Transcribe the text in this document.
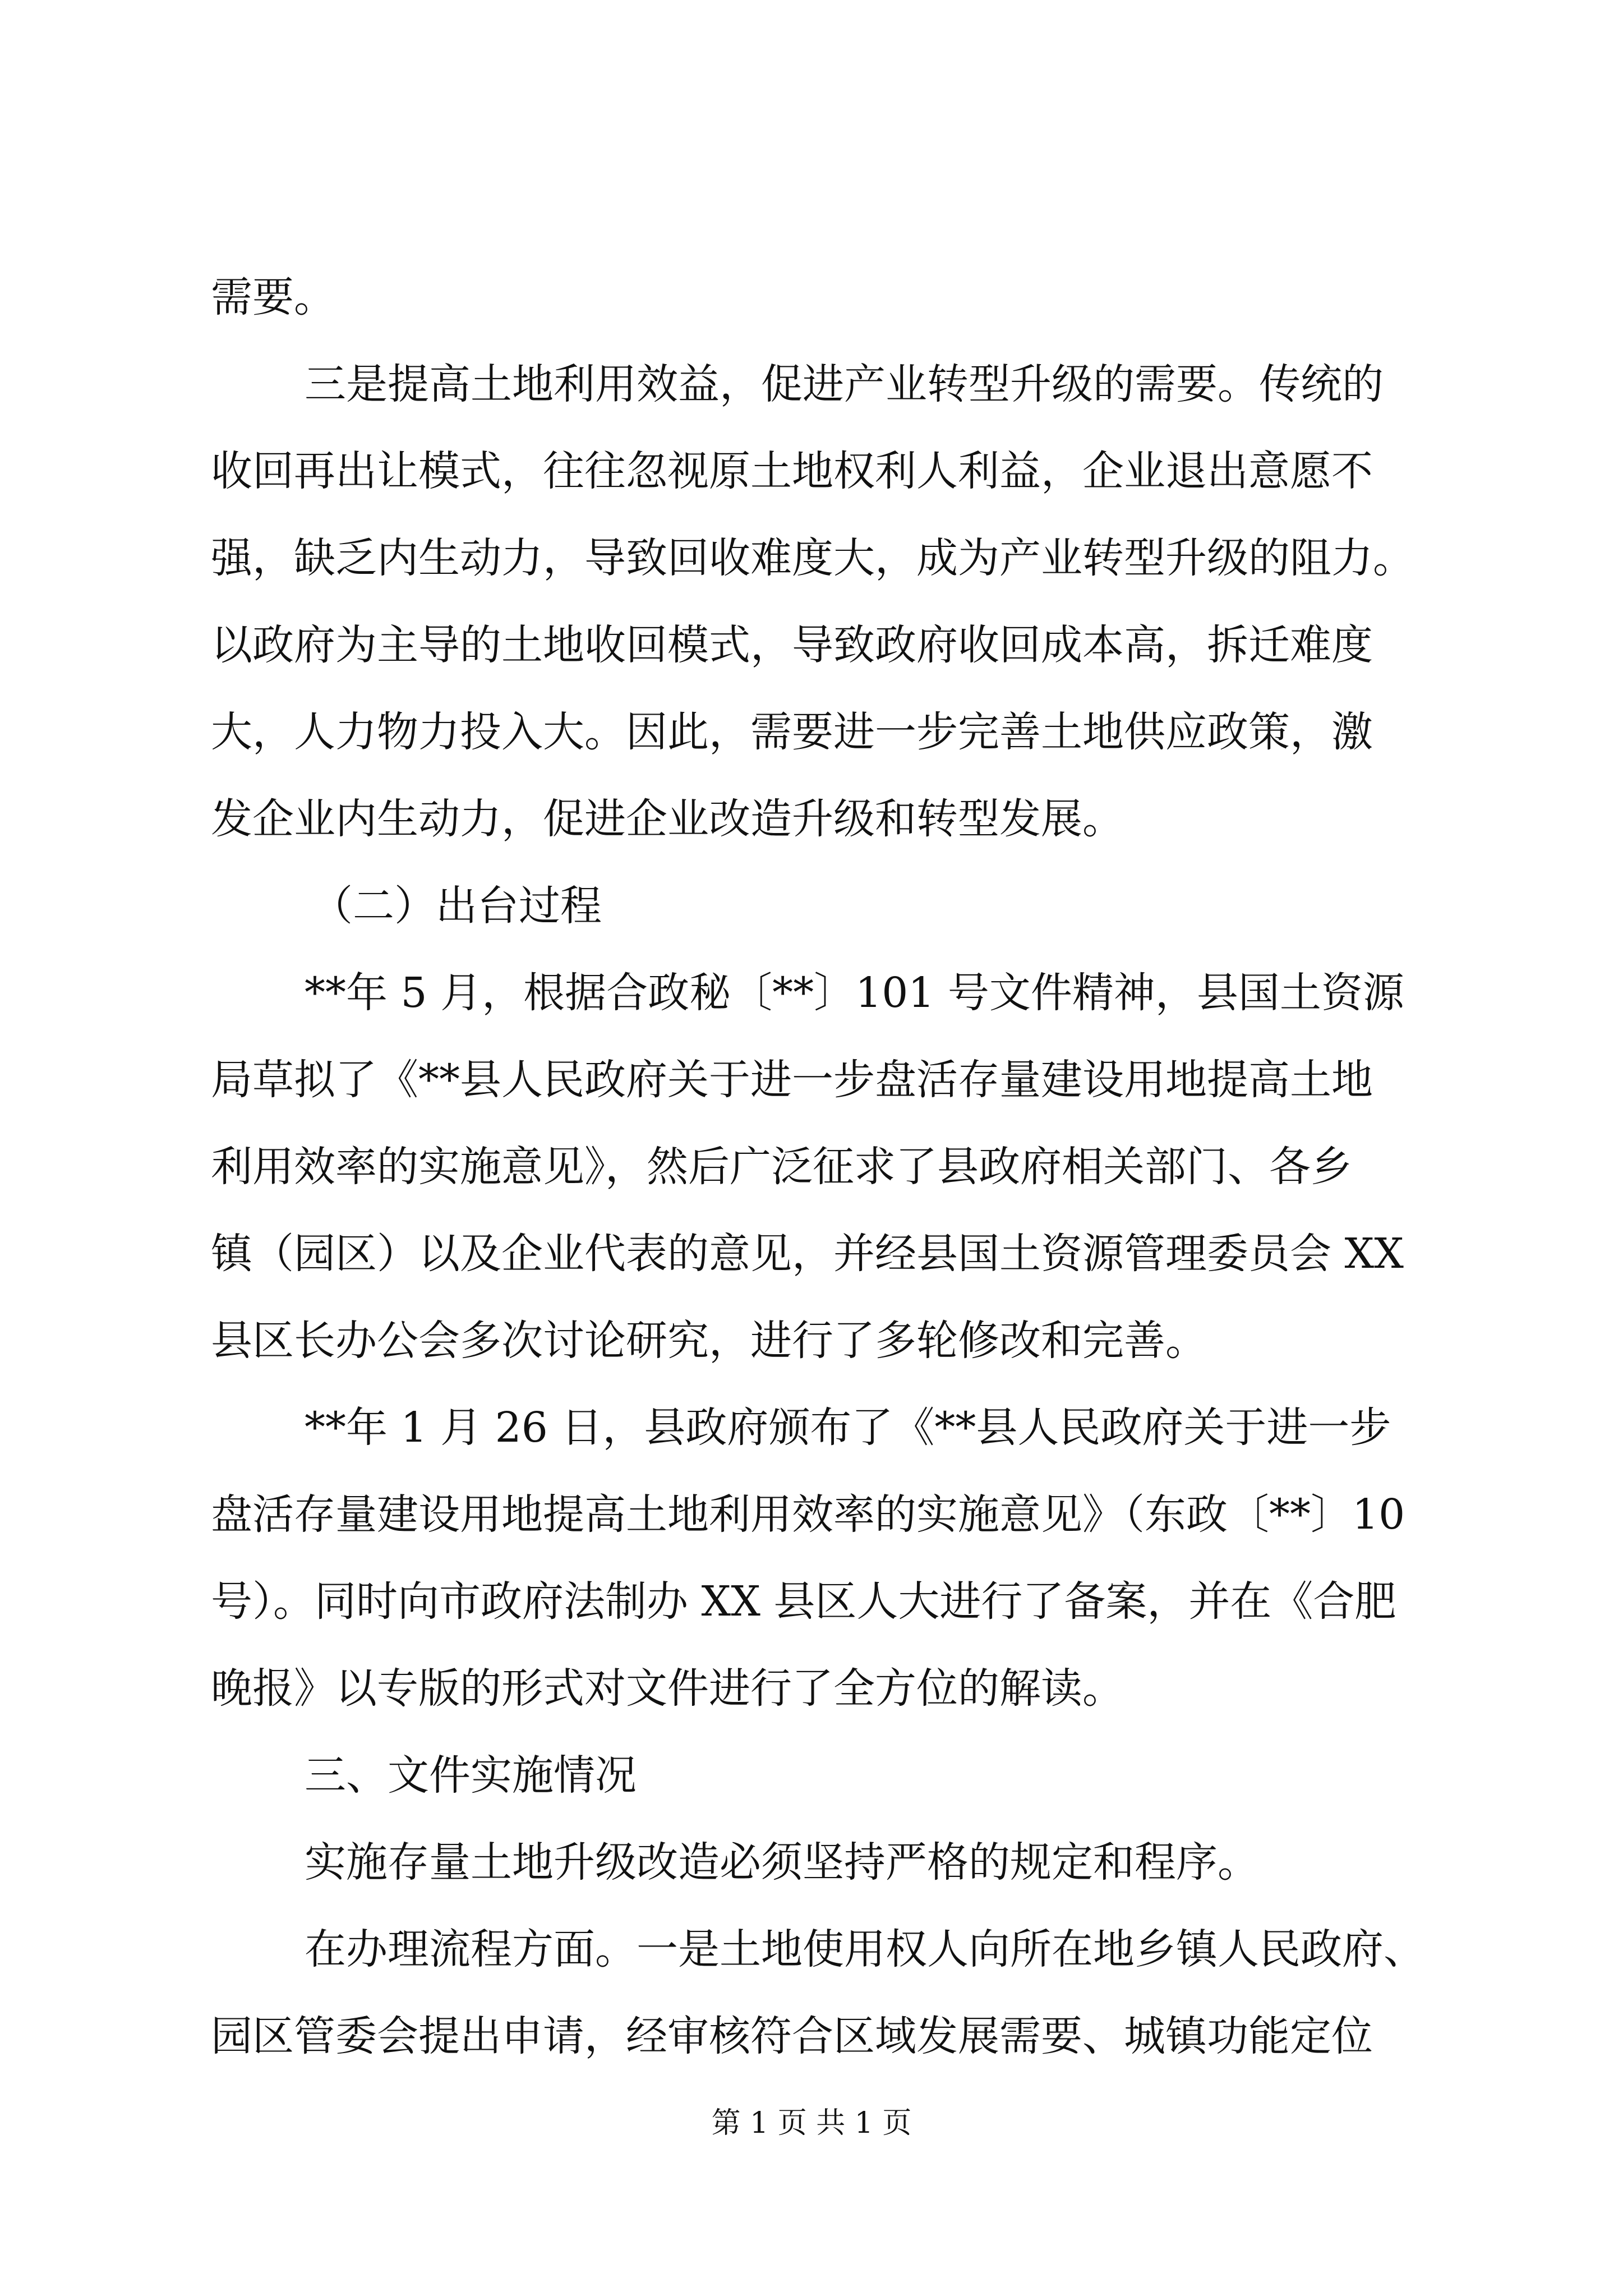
需要。
三是提高土地利用效益，促进产业转型升级的需要。传统的
收回再出让模式，往往忽视原土地权利人利益，企业退出意愿不
强，缺乏内生动力，导致回收难度大，成为产业转型升级的阻力。
以政府为主导的土地收回模式，导致政府收回成本高，拆迁难度
大，人力物力投入大。因此，需要进一步完善土地供应政策，激
发企业内生动力，促进企业改造升级和转型发展。
（二）出台过程
**年 5 月，根据合政秘〔**〕101 号文件精神，县国土资源
局草拟了《**县人民政府关于进一步盘活存量建设用地提高土地
利用效率的实施意见》，然后广泛征求了县政府相关部门、各乡
镇（园区）以及企业代表的意见，并经县国土资源管理委员会 XX
县区长办公会多次讨论研究，进行了多轮修改和完善。
**年 1 月 26 日，县政府颁布了《**县人民政府关于进一步
盘活存量建设用地提高土地利用效率的实施意见》（东政〔**〕10
号）。同时向市政府法制办 XX 县区人大进行了备案，并在《合肥
晚报》以专版的形式对文件进行了全方位的解读。
三、文件实施情况
实施存量土地升级改造必须坚持严格的规定和程序。
在办理流程方面。一是土地使用权人向所在地乡镇人民政府、
园区管委会提出申请，经审核符合区域发展需要、城镇功能定位
第 1 页 共 1 页
